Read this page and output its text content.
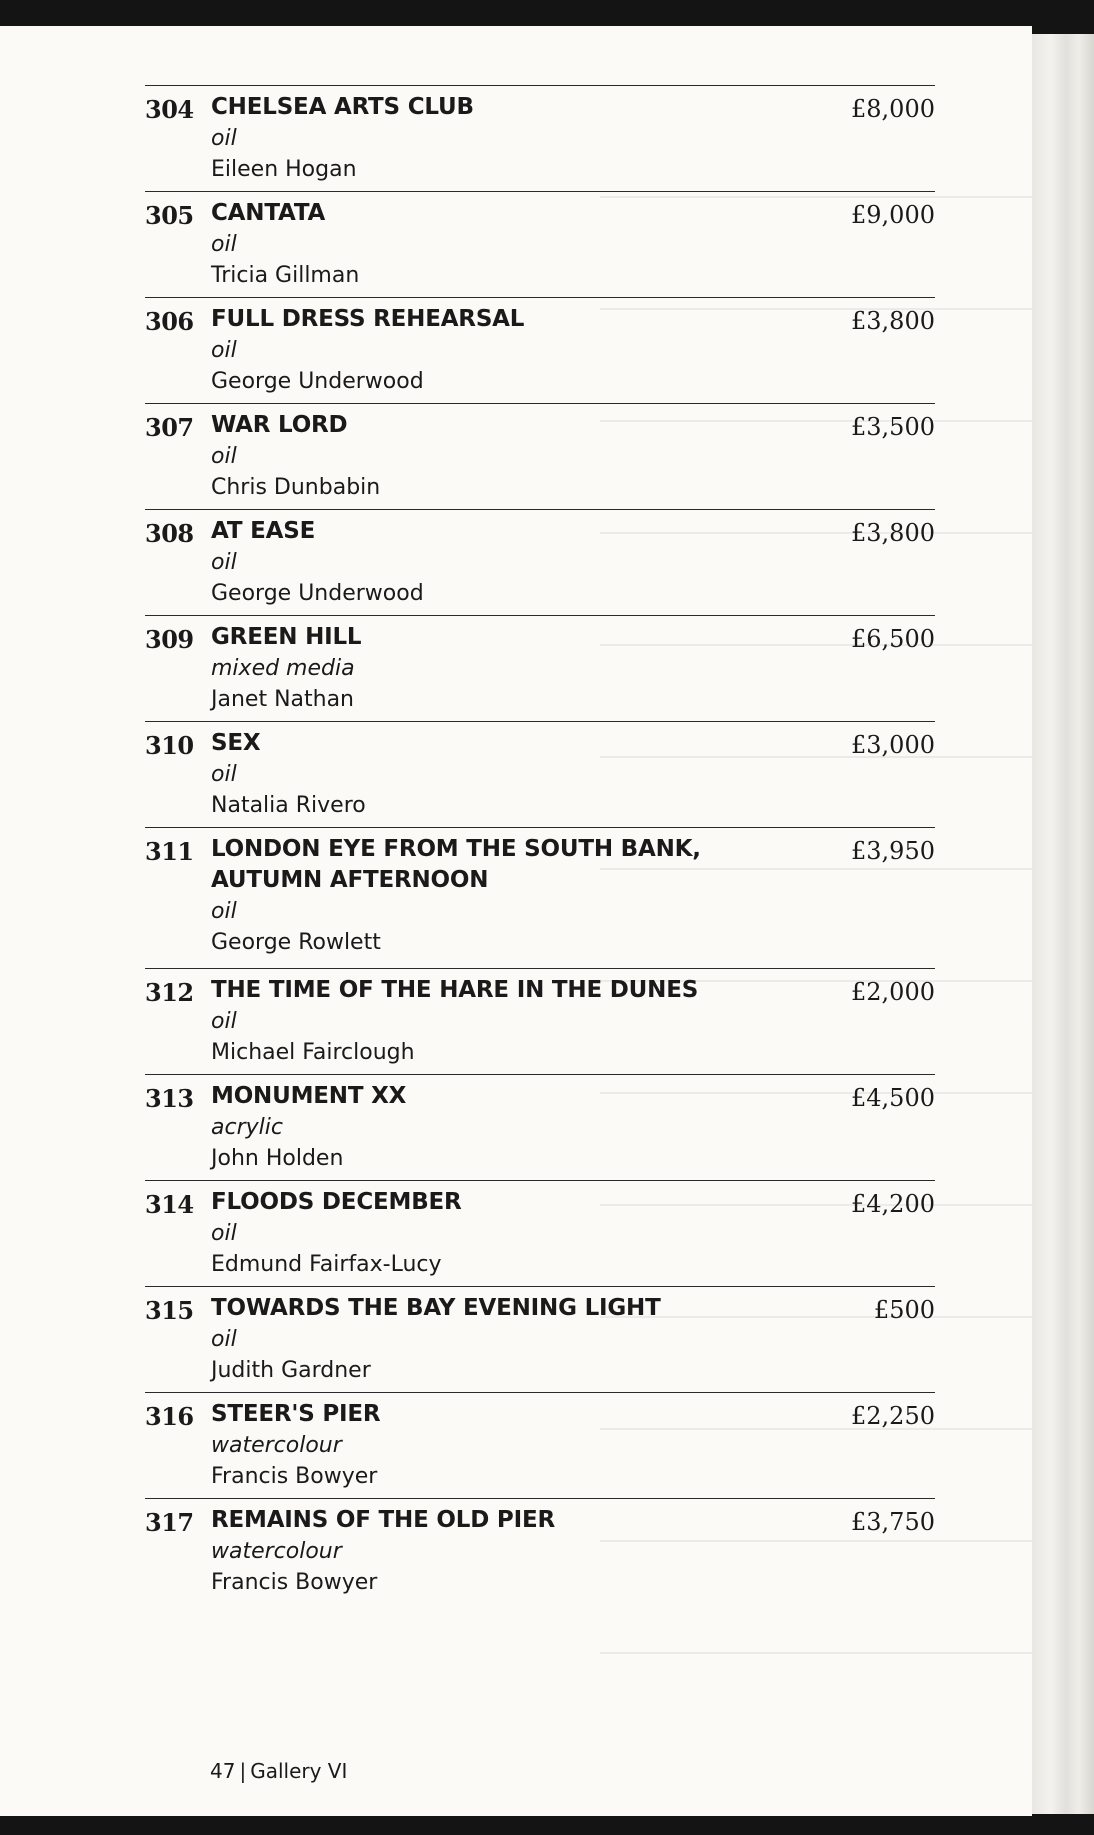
304 CHELSEA ARTS CLUB
oil
Eileen Hogan
£8,000
305 CANTATA
oil
Tricia Gillman
£9,000
306 FULL DRESS REHEARSAL
oil
George Underwood
£3,800
307 WAR LORD
oil
Chris Dunbabin
£3,500
308 AT EASE
oil
George Underwood
£3,800
309 GREEN HILL
mixed media
Janet Nathan
£6,500
310 SEX
oil
Natalia Rivero
£3,000
311 LONDON EYE FROM THE SOUTH BANK, AUTUMN AFTERNOON
oil
George Rowlett
£3,950
312 THE TIME OF THE HARE IN THE DUNES
oil
Michael Fairclough
£2,000
313 MONUMENT XX
acrylic
John Holden
£4,500
314 FLOODS DECEMBER
oil
Edmund Fairfax-Lucy
£4,200
315 TOWARDS THE BAY EVENING LIGHT
oil
Judith Gardner
£500
316 STEER'S PIER
watercolour
Francis Bowyer
£2,250
317 REMAINS OF THE OLD PIER
watercolour
Francis Bowyer
£3,750
47 | Gallery VI
